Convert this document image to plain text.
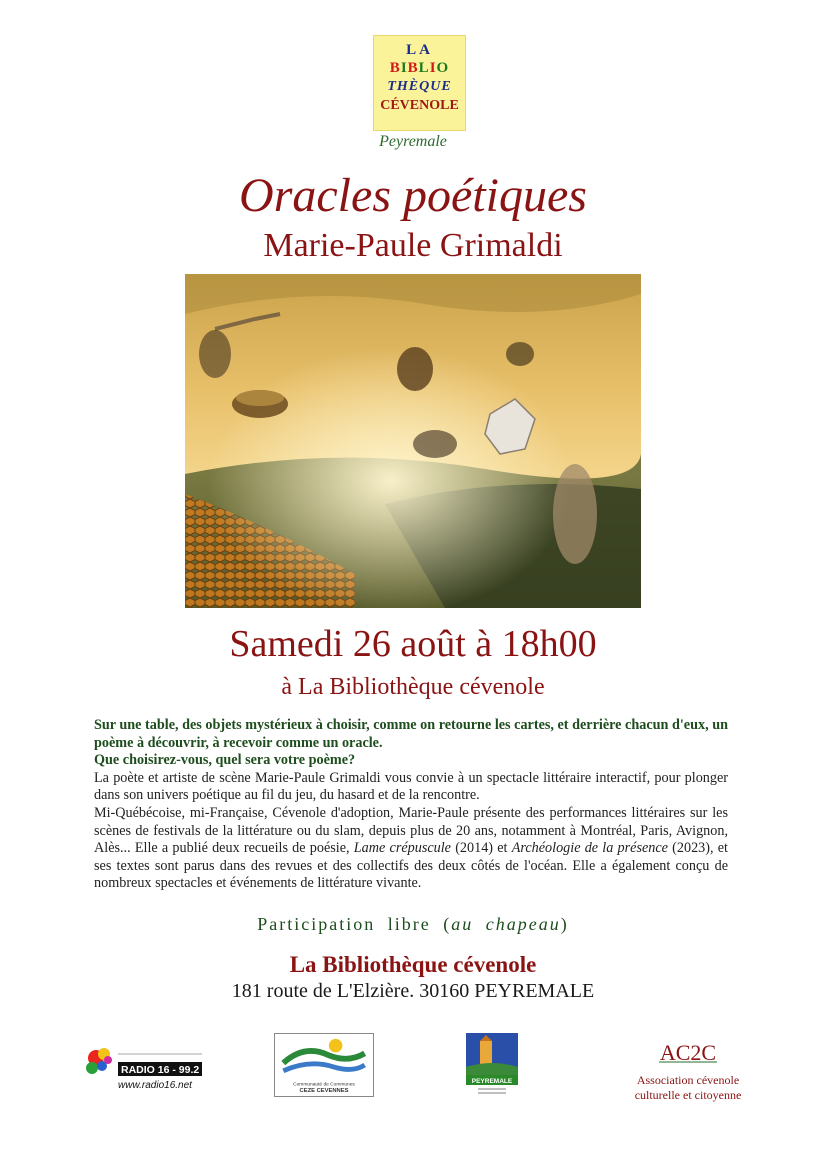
LA
BIBLIO
THÈQUE
CÉVENOLE
Peyremale
Oracles poétiques
Marie-Paule Grimaldi
Samedi 26 août à 18h00
à La Bibliothèque cévenole

Sur une table, des objets mystérieux à choisir, comme on retourne les cartes, et derrière chacun d'eux, un poème à découvrir, à recevoir comme un oracle.

Que choisirez-vous, quel sera votre poème?

La poète et artiste de scène Marie-Paule Grimaldi vous convie à un spectacle littéraire interactif, pour plonger dans son univers poétique au fil du jeu, du hasard et de la rencontre.

Mi-Québécoise, mi-Française, Cévenole d'adoption, Marie-Paule présente des performances littéraires sur les scènes de festivals de la littérature ou du slam, depuis plus de 20 ans, notamment à Montréal, Paris, Avignon, Alès... Elle a publié deux recueils de poésie, Lame crépuscule (2014) et Archéologie de la présence (2023), et ses textes sont parus dans des revues et des collectifs des deux côtés de l'océan. Elle a également conçu de nombreux spectacles et événements de littérature vivante.

Participation libre (au chapeau)
La Bibliothèque cévenole
181 route de L'Elzière. 30160 PEYREMALE
RADIO 16 - 99.2
www.radio16.net	Communauté de Communes
CEZE CEVENNES
PEYREMALE
AC2C
Association cévenole
culturelle et citoyenne
